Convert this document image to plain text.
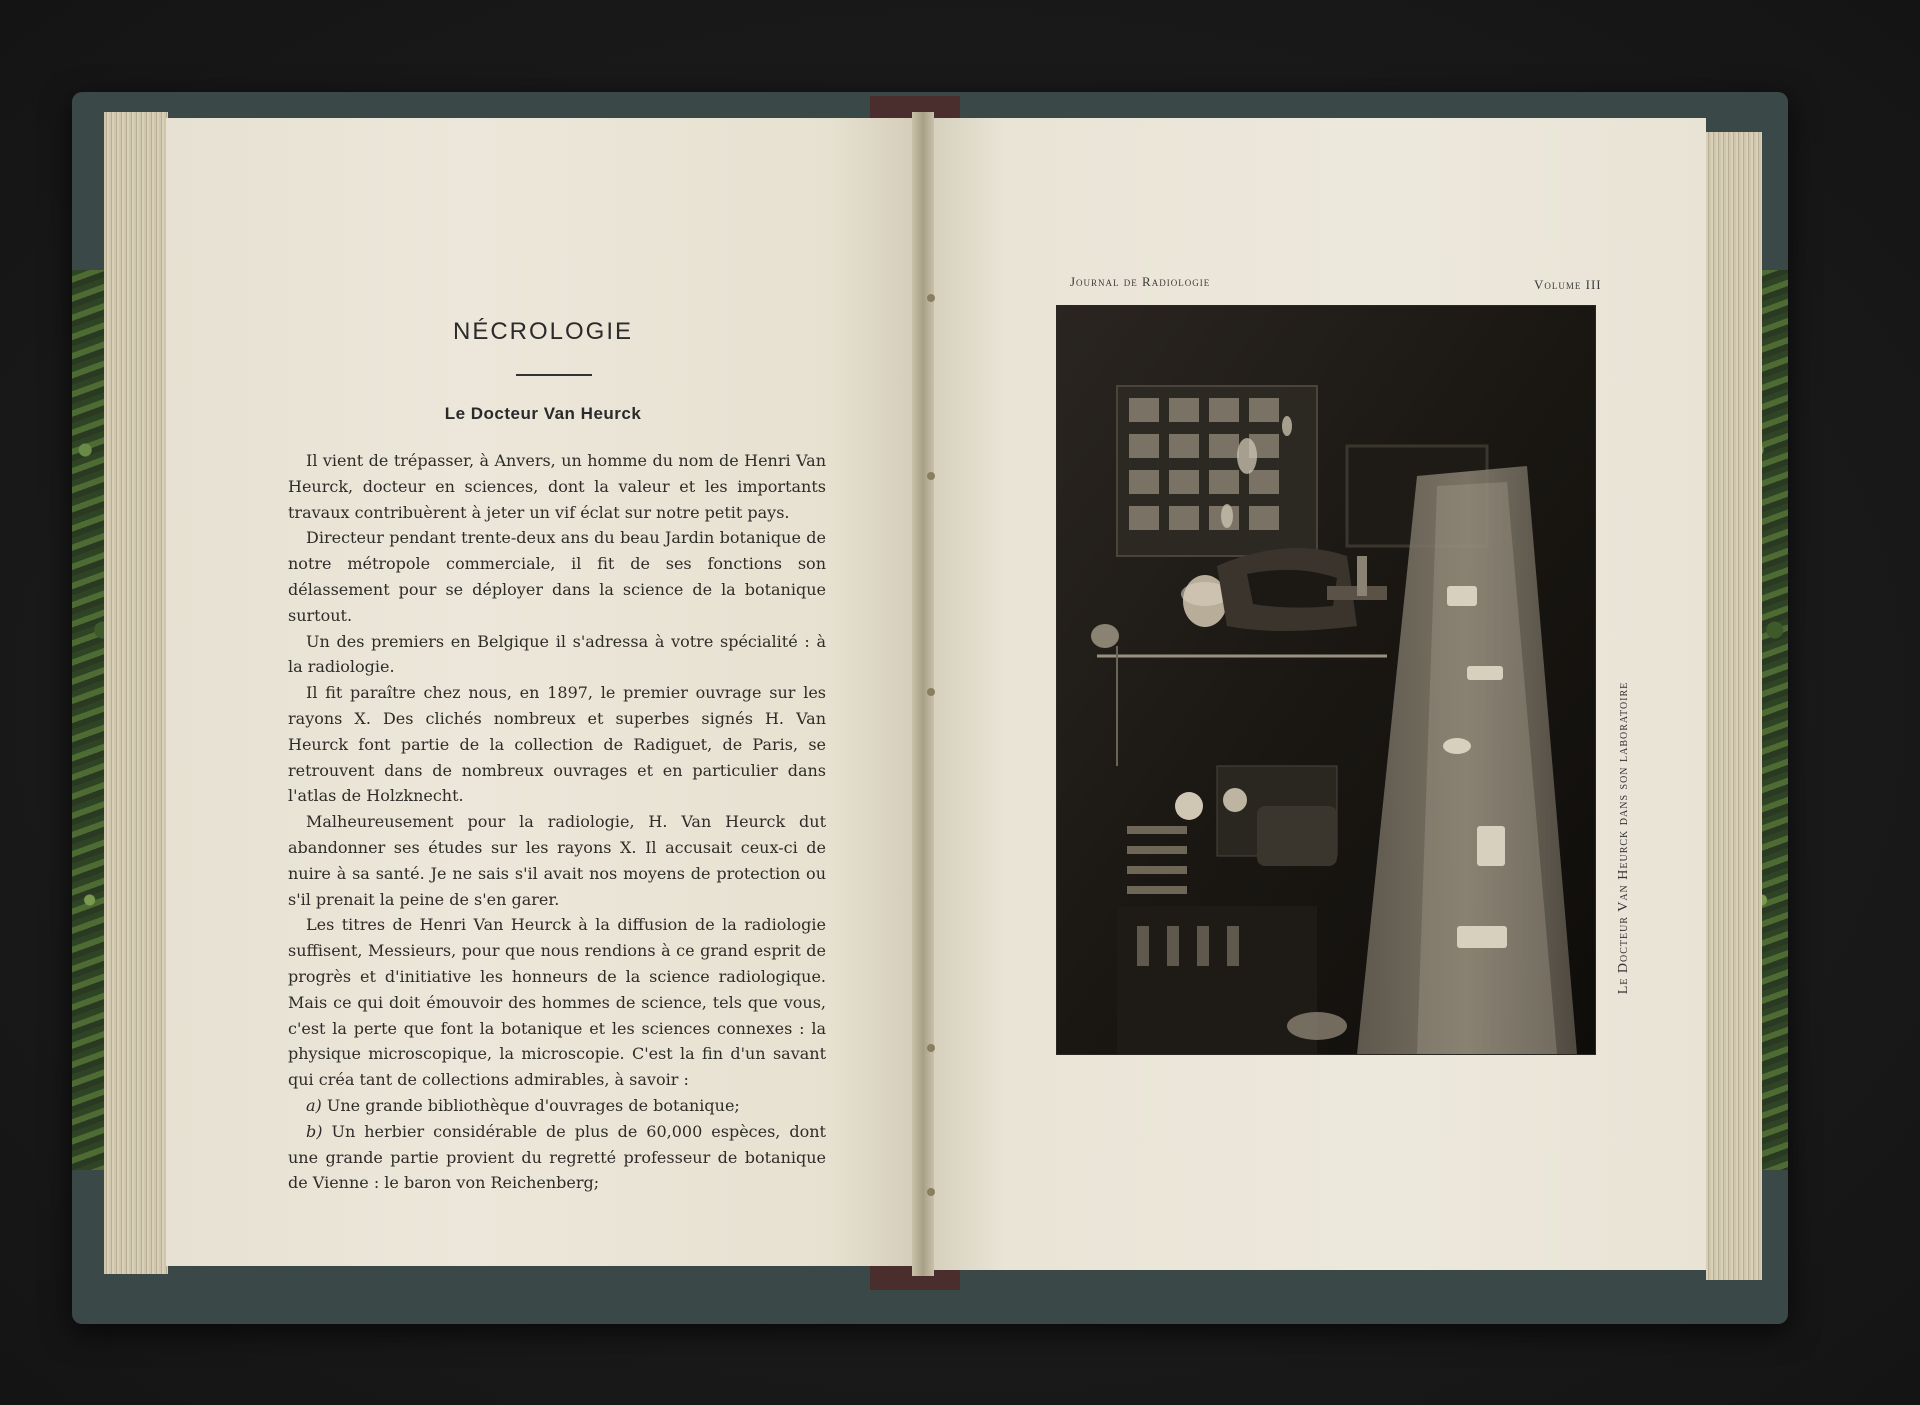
NÉCROLOGIE
Le Docteur Van Heurck
Il vient de trépasser, à Anvers, un homme du nom de Henri Van Heurck, docteur en sciences, dont la valeur et les importants travaux contribuèrent à jeter un vif éclat sur notre petit pays.
Directeur pendant trente-deux ans du beau Jardin botanique de notre métropole commerciale, il fit de ses fonctions son délassement pour se déployer dans la science de la botanique surtout.
Un des premiers en Belgique il s'adressa à votre spécialité : à la radiologie.
Il fit paraître chez nous, en 1897, le premier ouvrage sur les rayons X. Des clichés nombreux et superbes signés H. Van Heurck font partie de la collection de Radiguet, de Paris, se retrouvent dans de nombreux ouvrages et en particulier dans l'atlas de Holzknecht.
Malheureusement pour la radiologie, H. Van Heurck dut abandonner ses études sur les rayons X. Il accusait ceux-ci de nuire à sa santé. Je ne sais s'il avait nos moyens de protection ou s'il prenait la peine de s'en garer.
Les titres de Henri Van Heurck à la diffusion de la radiologie suffisent, Messieurs, pour que nous rendions à ce grand esprit de progrès et d'initiative les honneurs de la science radiologique. Mais ce qui doit émouvoir des hommes de science, tels que vous, c'est la perte que font la botanique et les sciences connexes : la physique microscopique, la microscopie. C'est la fin d'un savant qui créa tant de collections admirables, à savoir :
a) Une grande bibliothèque d'ouvrages de botanique;
b) Un herbier considérable de plus de 60,000 espèces, dont une grande partie provient du regretté professeur de botanique de Vienne : le baron von Reichenberg;
Journal de Radiologie	Volume III
Le Docteur Van Heurck dans son laboratoire
